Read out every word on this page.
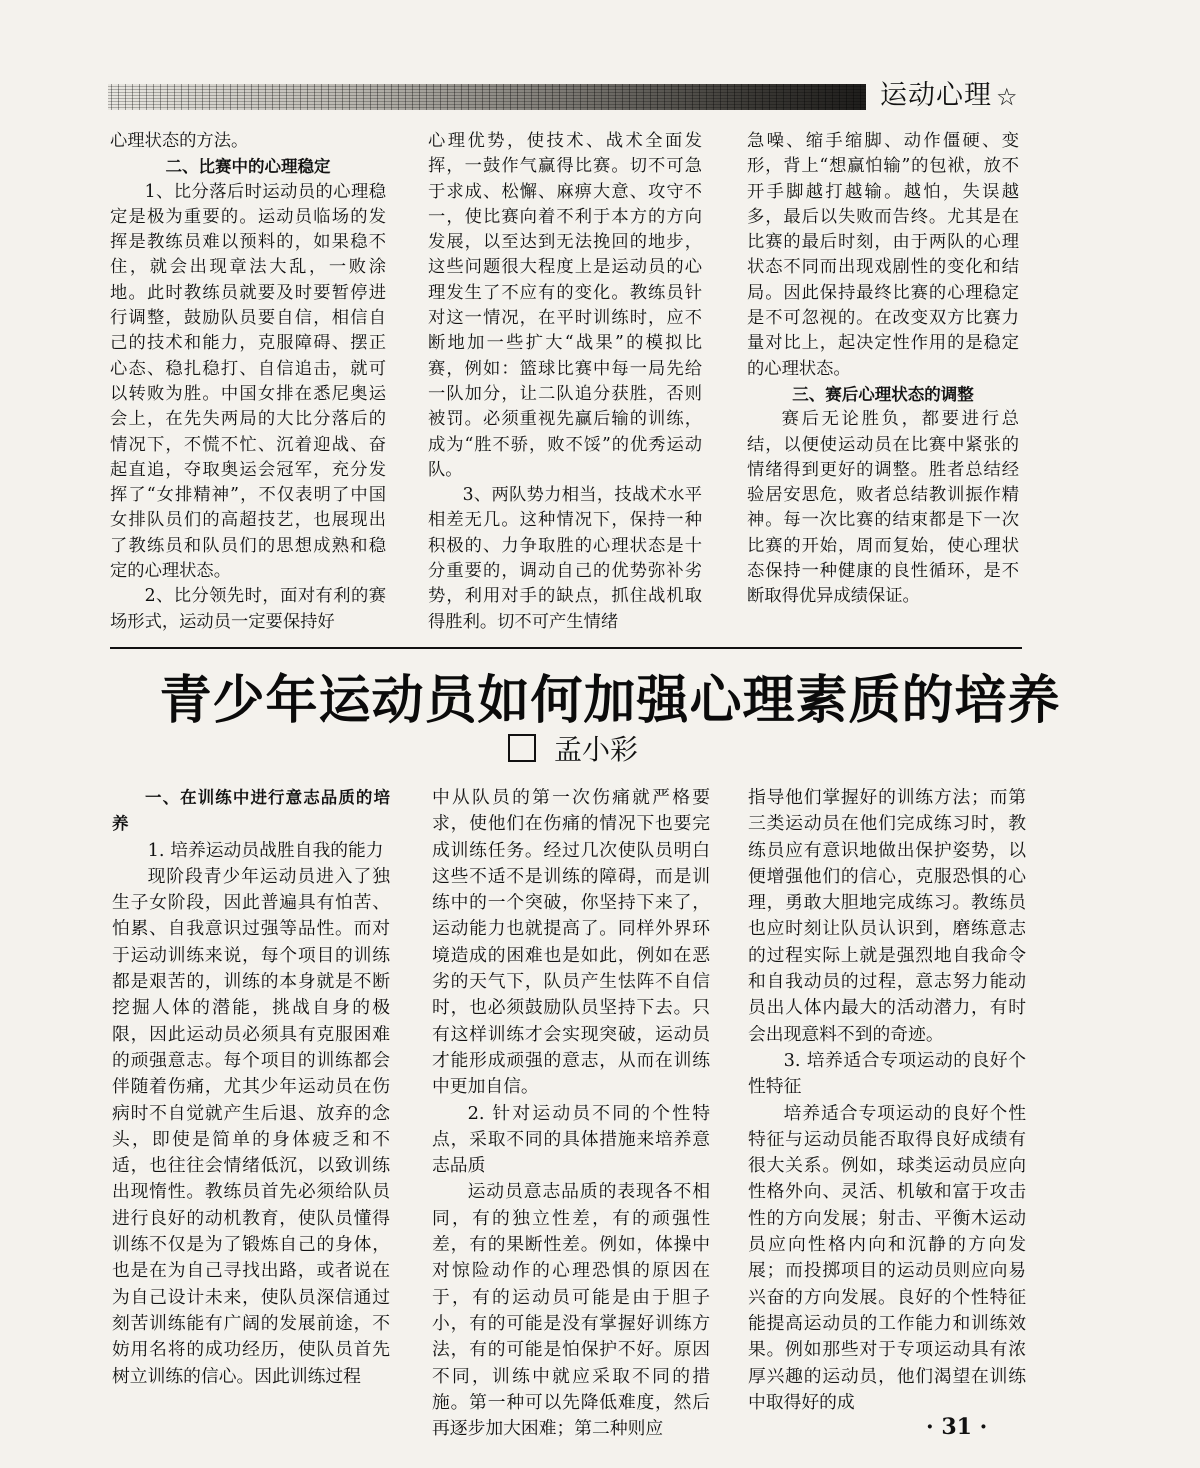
运动心理 ☆

心理状态的方法。

二、比赛中的心理稳定

1、比分落后时运动员的心理稳定是极为重要的。运动员临场的发挥是教练员难以预料的，如果稳不住，就会出现章法大乱，一败涂地。此时教练员就要及时要暂停进行调整，鼓励队员要自信，相信自己的技术和能力，克服障碍、摆正心态、稳扎稳打、自信追击，就可以转败为胜。中国女排在悉尼奥运会上，在先失两局的大比分落后的情况下，不慌不忙、沉着迎战、奋起直追，夺取奥运会冠军，充分发挥了“女排精神”，不仅表明了中国女排队员们的高超技艺，也展现出了教练员和队员们的思想成熟和稳定的心理状态。

2、比分领先时，面对有利的赛场形式，运动员一定要保持好

心理优势，使技术、战术全面发挥，一鼓作气赢得比赛。切不可急于求成、松懈、麻痹大意、攻守不一，使比赛向着不利于本方的方向发展，以至达到无法挽回的地步，这些问题很大程度上是运动员的心理发生了不应有的变化。教练员针对这一情况，在平时训练时，应不断地加一些扩大“战果”的模拟比赛，例如：篮球比赛中每一局先给一队加分，让二队追分获胜，否则被罚。必须重视先赢后输的训练，成为“胜不骄，败不馁”的优秀运动队。

3、两队势力相当，技战术水平相差无几。这种情况下，保持一种积极的、力争取胜的心理状态是十分重要的，调动自己的优势弥补劣势，利用对手的缺点，抓住战机取得胜利。切不可产生情绪

急噪、缩手缩脚、动作僵硬、变形，背上“想赢怕输”的包袱，放不开手脚越打越输。越怕，失误越多，最后以失败而告终。尤其是在比赛的最后时刻，由于两队的心理状态不同而出现戏剧性的变化和结局。因此保持最终比赛的心理稳定是不可忽视的。在改变双方比赛力量对比上，起决定性作用的是稳定的心理状态。

三、赛后心理状态的调整

赛后无论胜负，都要进行总结，以便使运动员在比赛中紧张的情绪得到更好的调整。胜者总结经验居安思危，败者总结教训振作精神。每一次比赛的结束都是下一次比赛的开始，周而复始，使心理状态保持一种健康的良性循环，是不断取得优异成绩保证。

青少年运动员如何加强心理素质的培养
孟小彩

一、在训练中进行意志品质的培养

1. 培养运动员战胜自我的能力

现阶段青少年运动员进入了独生子女阶段，因此普遍具有怕苦、怕累、自我意识过强等品性。而对于运动训练来说，每个项目的训练都是艰苦的，训练的本身就是不断挖掘人体的潜能，挑战自身的极限，因此运动员必须具有克服困难的顽强意志。每个项目的训练都会伴随着伤痛，尤其少年运动员在伤病时不自觉就产生后退、放弃的念头，即使是简单的身体疲乏和不适，也往往会情绪低沉，以致训练出现惰性。教练员首先必须给队员进行良好的动机教育，使队员懂得训练不仅是为了锻炼自己的身体，也是在为自己寻找出路，或者说在为自己设计未来，使队员深信通过刻苦训练能有广阔的发展前途，不妨用名将的成功经历，使队员首先树立训练的信心。因此训练过程

中从队员的第一次伤痛就严格要求，使他们在伤痛的情况下也要完成训练任务。经过几次使队员明白这些不适不是训练的障碍，而是训练中的一个突破，你坚持下来了，运动能力也就提高了。同样外界环境造成的困难也是如此，例如在恶劣的天气下，队员产生怯阵不自信时，也必须鼓励队员坚持下去。只有这样训练才会实现突破，运动员才能形成顽强的意志，从而在训练中更加自信。

2. 针对运动员不同的个性特点，采取不同的具体措施来培养意志品质

运动员意志品质的表现各不相同，有的独立性差，有的顽强性差，有的果断性差。例如，体操中对惊险动作的心理恐惧的原因在于，有的运动员可能是由于胆子小，有的可能是没有掌握好训练方法，有的可能是怕保护不好。原因不同，训练中就应采取不同的措施。第一种可以先降低难度，然后再逐步加大困难；第二种则应

指导他们掌握好的训练方法；而第三类运动员在他们完成练习时，教练员应有意识地做出保护姿势，以便增强他们的信心，克服恐惧的心理，勇敢大胆地完成练习。教练员也应时刻让队员认识到，磨练意志的过程实际上就是强烈地自我命令和自我动员的过程，意志努力能动员出人体内最大的活动潜力，有时会出现意料不到的奇迹。

3. 培养适合专项运动的良好个性特征

培养适合专项运动的良好个性特征与运动员能否取得良好成绩有很大关系。例如，球类运动员应向性格外向、灵活、机敏和富于攻击性的方向发展；射击、平衡木运动员应向性格内向和沉静的方向发展；而投掷项目的运动员则应向易兴奋的方向发展。良好的个性特征能提高运动员的工作能力和训练效果。例如那些对于专项运动具有浓厚兴趣的运动员，他们渴望在训练中取得好的成

· 31 ·
